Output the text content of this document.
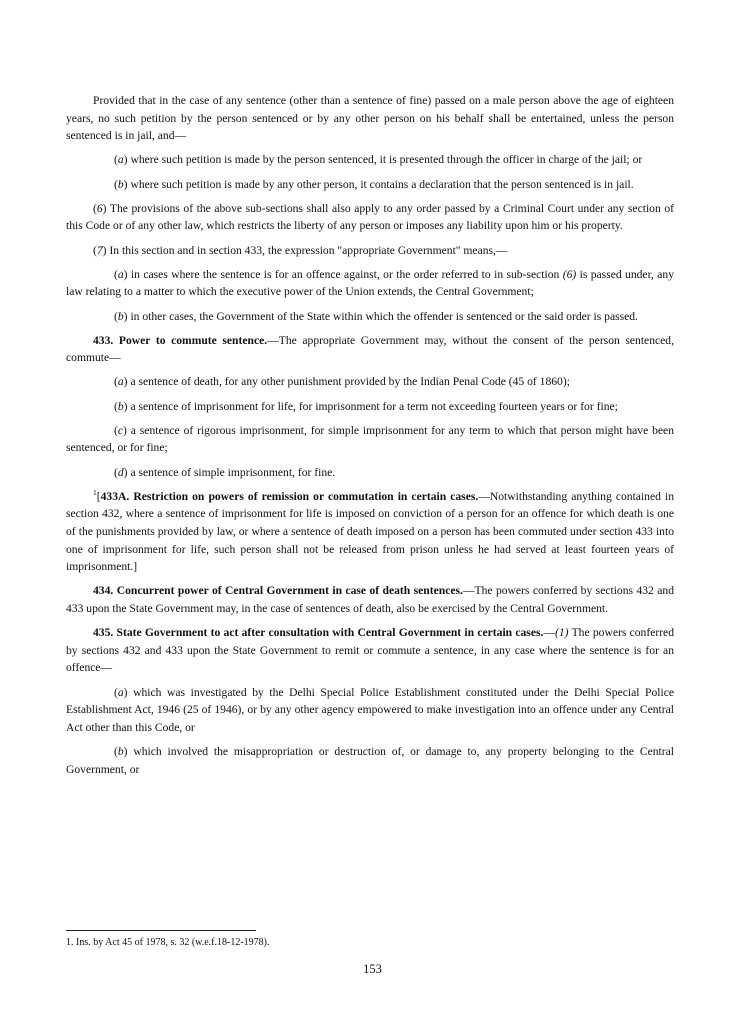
Provided that in the case of any sentence (other than a sentence of fine) passed on a male person above the age of eighteen years, no such petition by the person sentenced or by any other person on his behalf shall be entertained, unless the person sentenced is in jail, and—

(a) where such petition is made by the person sentenced, it is presented through the officer in charge of the jail; or

(b) where such petition is made by any other person, it contains a declaration that the person sentenced is in jail.

(6) The provisions of the above sub-sections shall also apply to any order passed by a Criminal Court under any section of this Code or of any other law, which restricts the liberty of any person or imposes any liability upon him or his property.

(7) In this section and in section 433, the expression "appropriate Government" means,—

(a) in cases where the sentence is for an offence against, or the order referred to in sub-section (6) is passed under, any law relating to a matter to which the executive power of the Union extends, the Central Government;

(b) in other cases, the Government of the State within which the offender is sentenced or the said order is passed.

433. Power to commute sentence.—The appropriate Government may, without the consent of the person sentenced, commute—

(a) a sentence of death, for any other punishment provided by the Indian Penal Code (45 of 1860);

(b) a sentence of imprisonment for life, for imprisonment for a term not exceeding fourteen years or for fine;

(c) a sentence of rigorous imprisonment, for simple imprisonment for any term to which that person might have been sentenced, or for fine;

(d) a sentence of simple imprisonment, for fine.

$^1$[433A. Restriction on powers of remission or commutation in certain cases.—Notwithstanding anything contained in section 432, where a sentence of imprisonment for life is imposed on conviction of a person for an offence for which death is one of the punishments provided by law, or where a sentence of death imposed on a person has been commuted under section 433 into one of imprisonment for life, such person shall not be released from prison unless he had served at least fourteen years of imprisonment.]

434. Concurrent power of Central Government in case of death sentences.—The powers conferred by sections 432 and 433 upon the State Government may, in the case of sentences of death, also be exercised by the Central Government.

435. State Government to act after consultation with Central Government in certain cases.—(1) The powers conferred by sections 432 and 433 upon the State Government to remit or commute a sentence, in any case where the sentence is for an offence—

(a) which was investigated by the Delhi Special Police Establishment constituted under the Delhi Special Police Establishment Act, 1946 (25 of 1946), or by any other agency empowered to make investigation into an offence under any Central Act other than this Code, or

(b) which involved the misappropriation or destruction of, or damage to, any property belonging to the Central Government, or

1. Ins. by Act 45 of 1978, s. 32 (w.e.f.18-12-1978).
153
